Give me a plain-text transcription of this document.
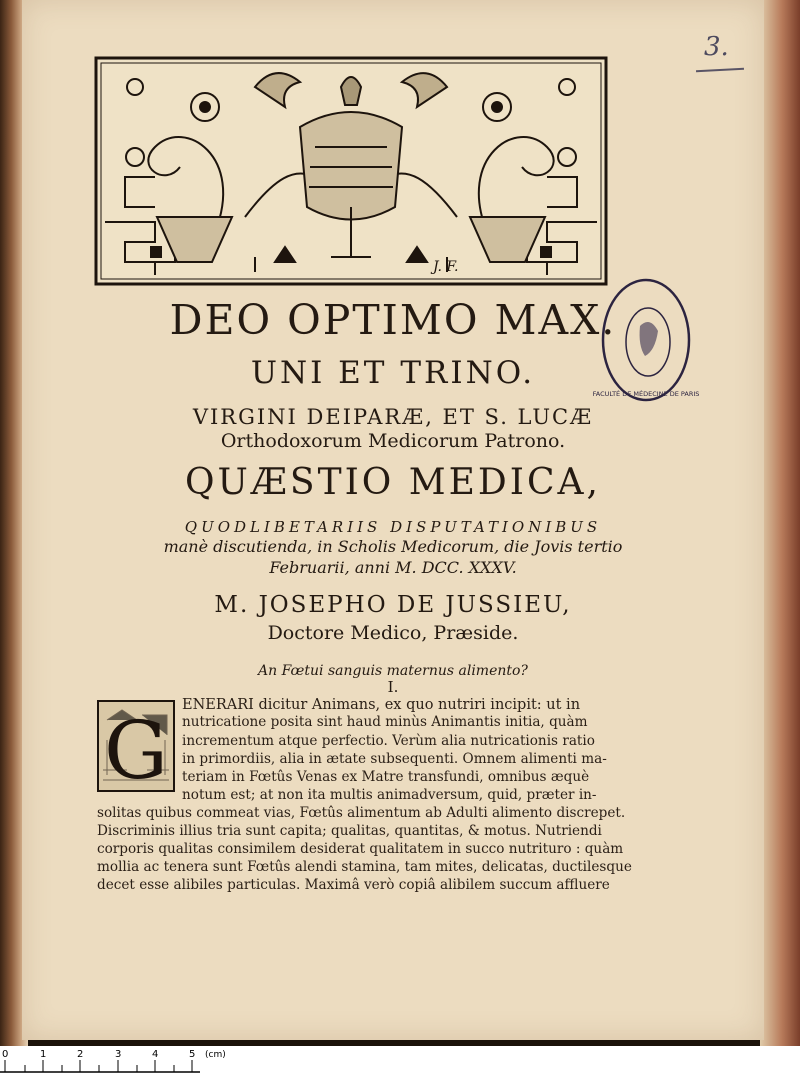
3.
J. F.
FACULTÉ DE MÉDECINE DE PARIS

DEO OPTIMO MAX.

UNI ET TRINO.

VIRGINI DEIPARÆ, ET S. LUCÆ

Orthodoxorum Medicorum Patrono.

QUÆSTIO MEDICA,

QUODLIBETARIIS DISPUTATIONIBUS

manè discutienda, in Scholis Medicorum, die Jovis tertio

Februarii, anni M. DCC. XXXV.

M. JOSEPHO DE JUSSIEU,

Doctore Medico, Præside.

An Fœtui sanguis maternus alimento?

I.

G ENERARI dicitur Animans, ex quo nutriri incipit: ut in

nutricatione posita sint haud minùs Animantis initia, quàm

incrementum atque perfectio. Verùm alia nutricationis ratio

in primordiis, alia in ætate subsequenti. Omnem alimenti ma-

teriam in Fœtûs Venas ex Matre transfundi, omnibus æquè

notum est; at non ita multis animadversum, quid, præter in-

solitas quibus commeat vias, Fœtûs alimentum ab Adulti alimento discrepet.

Discriminis illius tria sunt capita; qualitas, quantitas, & motus. Nutriendi

corporis qualitas consimilem desiderat qualitatem in succo nutrituro : quàm

mollia ac tenera sunt Fœtûs alendi stamina, tam mites, delicatas, ductilesque

decet esse alibiles particulas. Maximâ verò copiâ alibilem succum affluere

0	1	2	3	4	5 (cm)
